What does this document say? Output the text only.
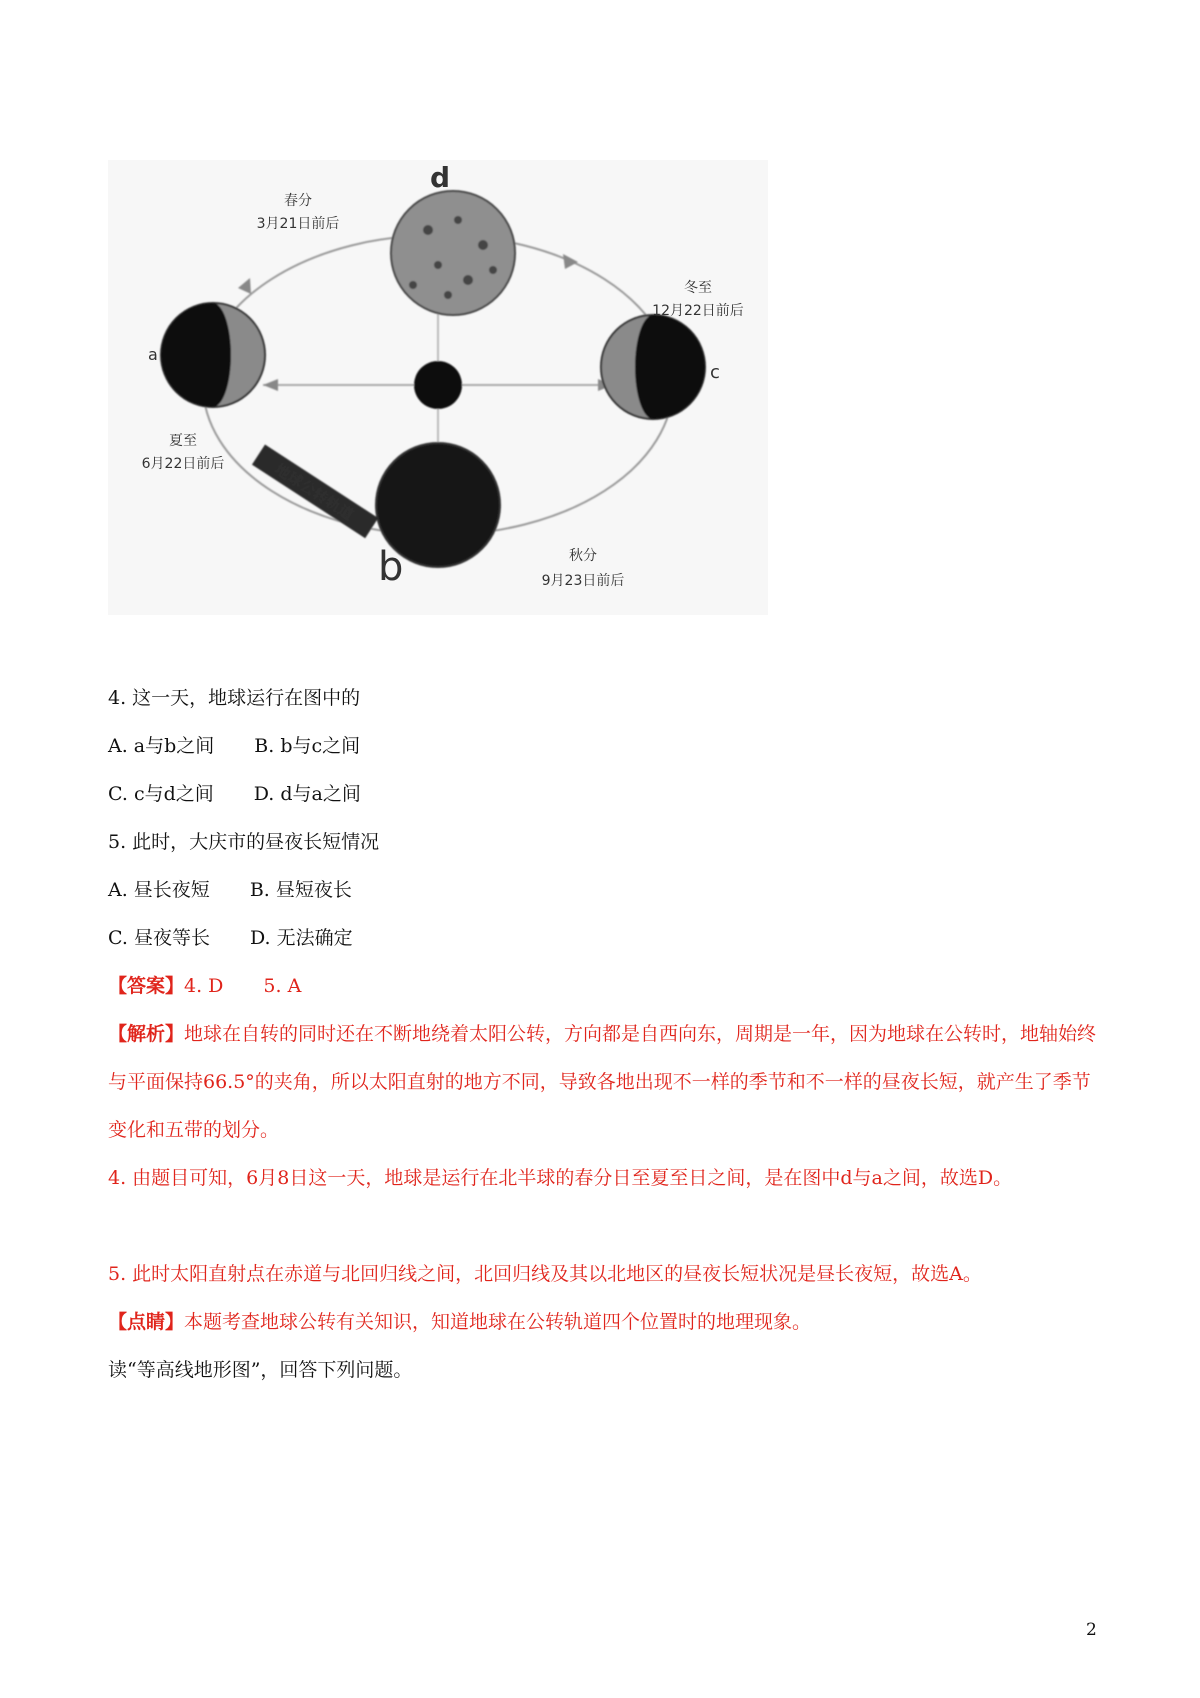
地球公转轨道
d
c
b
a
春分
3月21日前后
冬至
12月22日前后
夏至
6月22日前后
秋分
9月23日前后
4. 这一天，地球运行在图中的
A. a与b之间 B. b与c之间
C. c与d之间 D. d与a之间
5. 此时，大庆市的昼夜长短情况
A. 昼长夜短 B. 昼短夜长
C. 昼夜等长 D. 无法确定
【答案】4. D 5. A
【解析】地球在自转的同时还在不断地绕着太阳公转，方向都是自西向东，周期是一年，因为地球在公转时，地轴始终与平面保持66.5°的夹角，所以太阳直射的地方不同，导致各地出现不一样的季节和不一样的昼夜长短，就产生了季节变化和五带的划分。
4. 由题目可知，6月8日这一天，地球是运行在北半球的春分日至夏至日之间，是在图中d与a之间，故选D。
5. 此时太阳直射点在赤道与北回归线之间，北回归线及其以北地区的昼夜长短状况是昼长夜短，故选A。
【点睛】本题考查地球公转有关知识，知道地球在公转轨道四个位置时的地理现象。
读“等高线地形图”，回答下列问题。
2
